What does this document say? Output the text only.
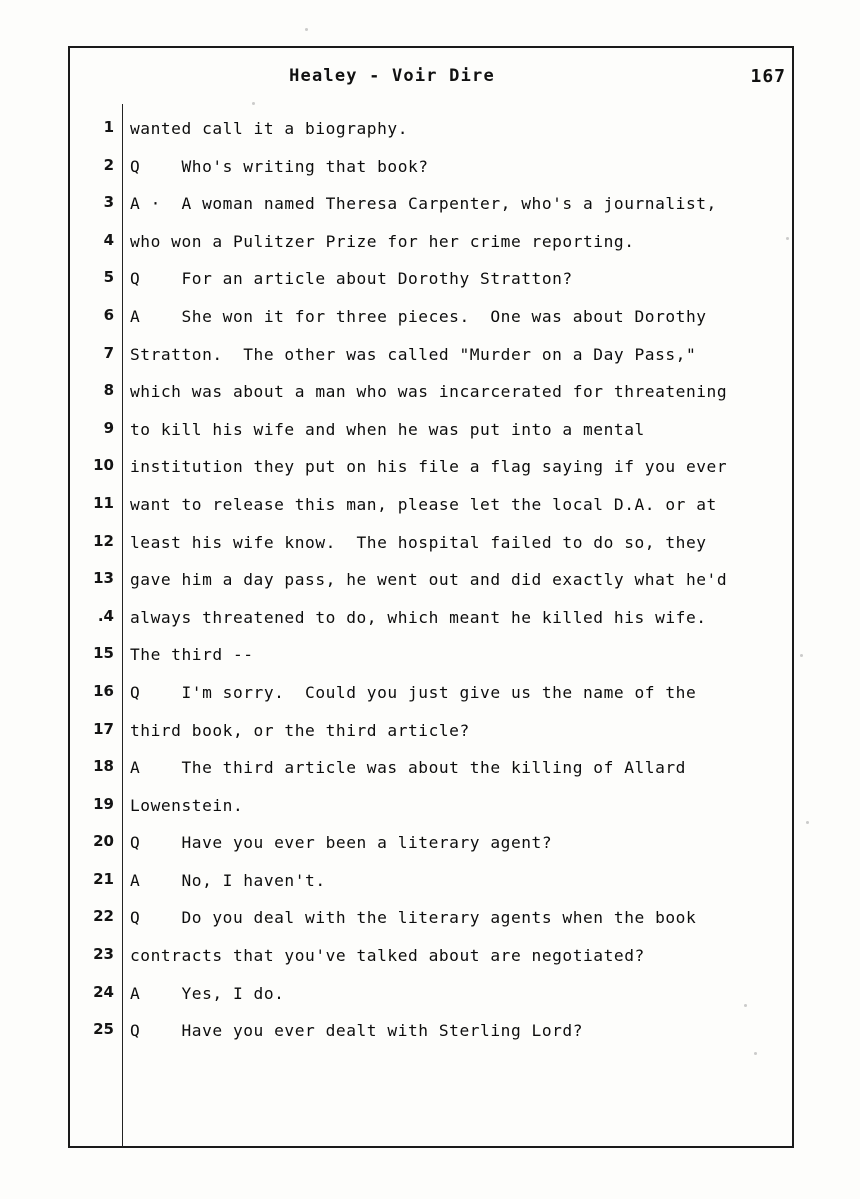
Healey - Voir Dire	167
1 wanted call it a biography.
2 Q    Who's writing that book?
3 A ·  A woman named Theresa Carpenter, who's a journalist,
4 who won a Pulitzer Prize for her crime reporting.
5 Q    For an article about Dorothy Stratton?
6 A    She won it for three pieces.  One was about Dorothy
7 Stratton.  The other was called "Murder on a Day Pass,"
8 which was about a man who was incarcerated for threatening
9 to kill his wife and when he was put into a mental
10 institution they put on his file a flag saying if you ever
11 want to release this man, please let the local D.A. or at
12 least his wife know.  The hospital failed to do so, they
13 gave him a day pass, he went out and did exactly what he'd
.4 always threatened to do, which meant he killed his wife.
15 The third --
16 Q    I'm sorry.  Could you just give us the name of the
17 third book, or the third article?
18 A    The third article was about the killing of Allard
19 Lowenstein.
20 Q    Have you ever been a literary agent?
21 A    No, I haven't.
22 Q    Do you deal with the literary agents when the book
23 contracts that you've talked about are negotiated?
24 A    Yes, I do.
25 Q    Have you ever dealt with Sterling Lord?
